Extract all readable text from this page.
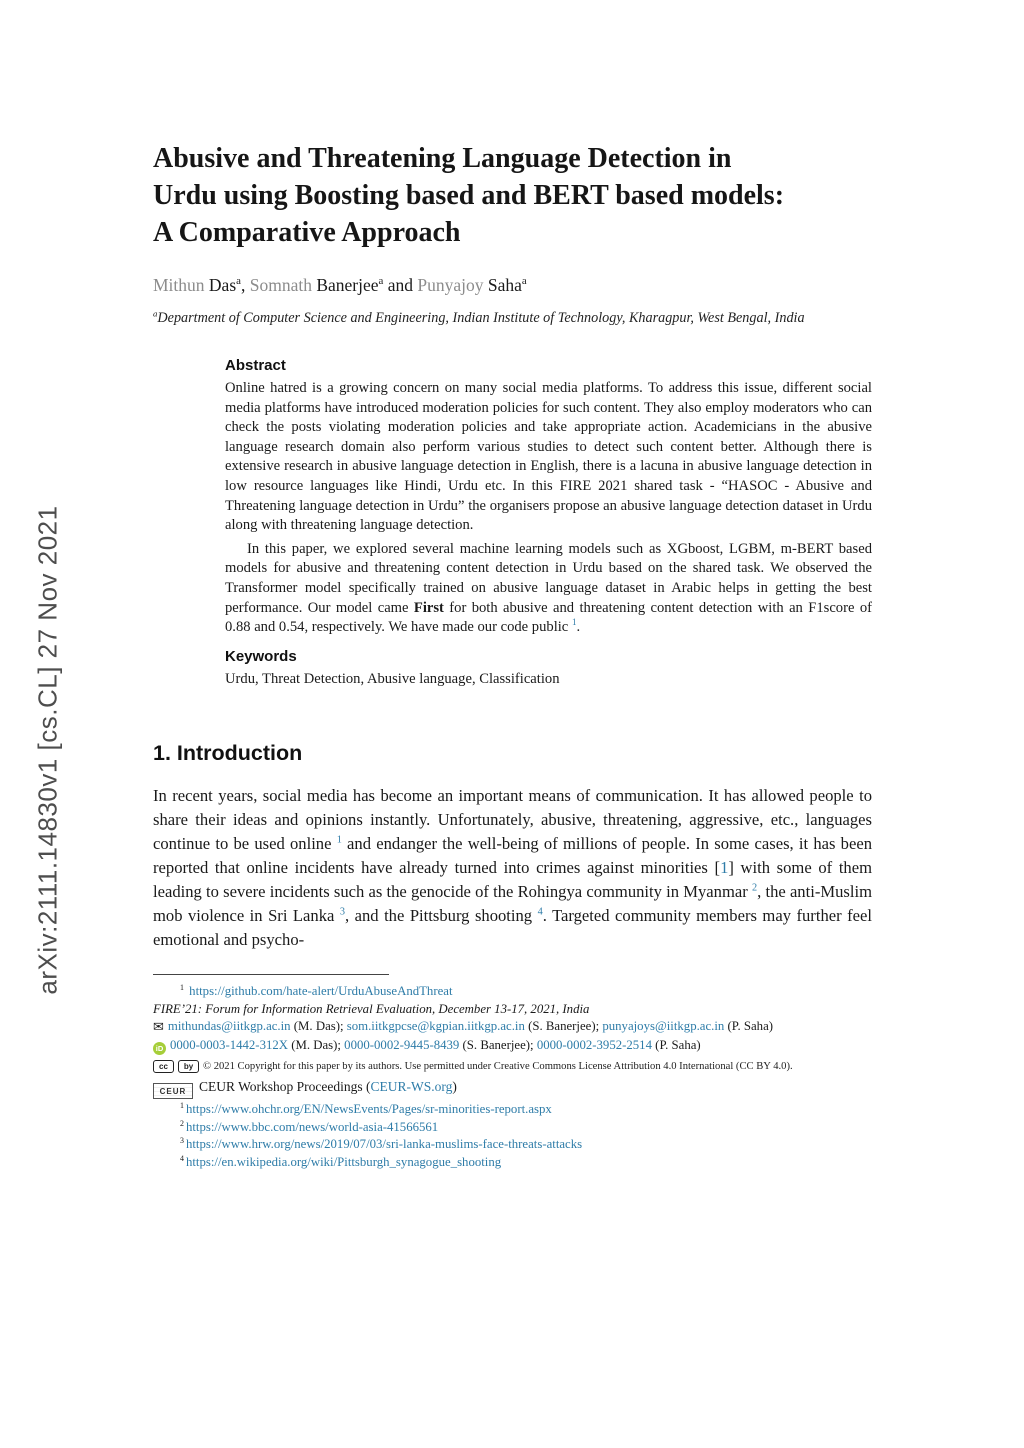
arXiv:2111.14830v1 [cs.CL] 27 Nov 2021
Abusive and Threatening Language Detection in
Urdu using Boosting based and BERT based models:
A Comparative Approach
Mithun Das$^a$, Somnath Banerjee$^a$ and Punyajoy Saha$^a$
$^a$Department of Computer Science and Engineering, Indian Institute of Technology, Kharagpur, West Bengal, India
Abstract

Online hatred is a growing concern on many social media platforms. To address this issue, different social media platforms have introduced moderation policies for such content. They also employ moderators who can check the posts violating moderation policies and take appropriate action. Academicians in the abusive language research domain also perform various studies to detect such content better. Although there is extensive research in abusive language detection in English, there is a lacuna in abusive language detection in low resource languages like Hindi, Urdu etc. In this FIRE 2021 shared task - “HASOC - Abusive and Threatening language detection in Urdu” the organisers propose an abusive language detection dataset in Urdu along with threatening language detection.

In this paper, we explored several machine learning models such as XGboost, LGBM, m-BERT based models for abusive and threatening content detection in Urdu based on the shared task. We observed the Transformer model specifically trained on abusive language dataset in Arabic helps in getting the best performance. Our model came First for both abusive and threatening content detection with an F1score of 0.88 and 0.54, respectively. We have made our code public $^1$.

Keywords

Urdu, Threat Detection, Abusive language, Classification

1. Introduction

In recent years, social media has become an important means of communication. It has allowed people to share their ideas and opinions instantly. Unfortunately, abusive, threatening, aggressive, etc., languages continue to be used online $^1$ and endanger the well-being of millions of people. In some cases, it has been reported that online incidents have already turned into crimes against minorities [1] with some of them leading to severe incidents such as the genocide of the Rohingya community in Myanmar $^2$, the anti-Muslim mob violence in Sri Lanka $^3$, and the Pittsburg shooting $^4$. Targeted community members may further feel emotional and psycho-

$^1$ https://github.com/hate-alert/UrduAbuseAndThreat
FIRE’21: Forum for Information Retrieval Evaluation, December 13-17, 2021, India
✉ mithundas@iitkgp.ac.in (M. Das); som.iitkgpcse@kgpian.iitkgp.ac.in (S. Banerjee); punyajoys@iitkgp.ac.in (P. Saha)
iD 0000-0003-1442-312X (M. Das); 0000-0002-9445-8439 (S. Banerjee); 0000-0002-3952-2514 (P. Saha)
cc	by © 2021 Copyright for this paper by its authors. Use permitted under Creative Commons License Attribution 4.0 International (CC BY 4.0).
CEUR CEUR Workshop Proceedings (CEUR-WS.org)
$^1$ https://www.ohchr.org/EN/NewsEvents/Pages/sr-minorities-report.aspx
$^2$ https://www.bbc.com/news/world-asia-41566561
$^3$ https://www.hrw.org/news/2019/07/03/sri-lanka-muslims-face-threats-attacks
$^4$ https://en.wikipedia.org/wiki/Pittsburgh_synagogue_shooting
